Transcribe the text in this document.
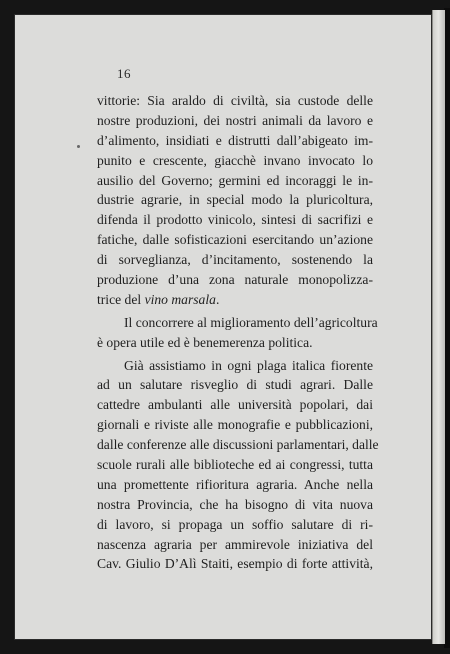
16
vittorie: Sia araldo di civiltà, sia custode delle
nostre produzioni, dei nostri animali da lavoro e
d’alimento, insidiati e distrutti dall’abigeato im-
punito e crescente, giacchè invano invocato lo
ausilio del Governo; germini ed incoraggi le in-
dustrie agrarie, in special modo la pluricoltura,
difenda il prodotto vinicolo, sintesi di sacrifizi e
fatiche, dalle sofisticazioni esercitando un’azione
di sorveglianza, d’incitamento, sostenendo la
produzione d’una zona naturale monopolizza-
trice del vino marsala.
Il concorrere al miglioramento dell’agricoltura
è opera utile ed è benemerenza politica.
Già assistiamo in ogni plaga italica fiorente
ad un salutare risveglio di studi agrari. Dalle
cattedre ambulanti alle università popolari, dai
giornali e riviste alle monografie e pubblicazioni,
dalle conferenze alle discussioni parlamentari, dalle
scuole rurali alle biblioteche ed ai congressi, tutta
una promettente rifioritura agraria. Anche nella
nostra Provincia, che ha bisogno di vita nuova
di lavoro, si propaga un soffio salutare di ri-
nascenza agraria per ammirevole iniziativa del
Cav. Giulio D’Alì Staiti, esempio di forte attività,
